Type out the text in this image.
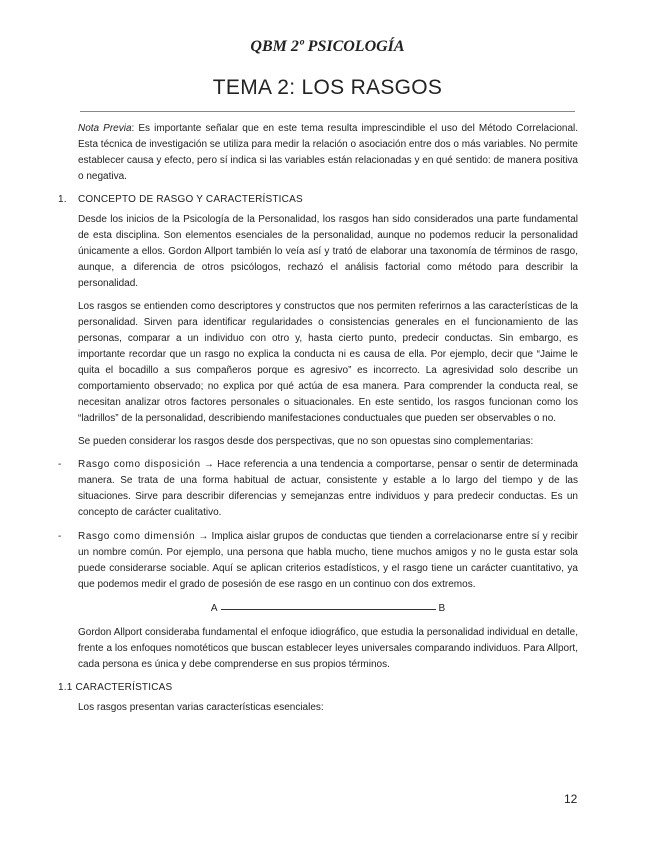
QBM 2º PSICOLOGÍA
TEMA 2: LOS RASGOS

Nota Previa: Es importante señalar que en este tema resulta imprescindible el uso del Método Correlacional. Esta técnica de investigación se utiliza para medir la relación o asociación entre dos o más variables. No permite establecer causa y efecto, pero sí indica si las variables están relacionadas y en qué sentido: de manera positiva o negativa.

1.	CONCEPTO DE RASGO Y CARACTERÍSTICAS

Desde los inicios de la Psicología de la Personalidad, los rasgos han sido considerados una parte fundamental de esta disciplina. Son elementos esenciales de la personalidad, aunque no podemos reducir la personalidad únicamente a ellos. Gordon Allport también lo veía así y trató de elaborar una taxonomía de términos de rasgo, aunque, a diferencia de otros psicólogos, rechazó el análisis factorial como método para describir la personalidad.

Los rasgos se entienden como descriptores y constructos que nos permiten referirnos a las características de la personalidad. Sirven para identificar regularidades o consistencias generales en el funcionamiento de las personas, comparar a un individuo con otro y, hasta cierto punto, predecir conductas. Sin embargo, es importante recordar que un rasgo no explica la conducta ni es causa de ella. Por ejemplo, decir que “Jaime le quita el bocadillo a sus compañeros porque es agresivo” es incorrecto. La agresividad solo describe un comportamiento observado; no explica por qué actúa de esa manera. Para comprender la conducta real, se necesitan analizar otros factores personales o situacionales. En este sentido, los rasgos funcionan como los “ladrillos” de la personalidad, describiendo manifestaciones conductuales que pueden ser observables o no.

Se pueden considerar los rasgos desde dos perspectivas, que no son opuestas sino complementarias:

-	Rasgo como disposición → Hace referencia a una tendencia a comportarse, pensar o sentir de determinada manera. Se trata de una forma habitual de actuar, consistente y estable a lo largo del tiempo y de las situaciones. Sirve para describir diferencias y semejanzas entre individuos y para predecir conductas. Es un concepto de carácter cualitativo.
-	Rasgo como dimensión → Implica aislar grupos de conductas que tienden a correlacionarse entre sí y recibir un nombre común. Por ejemplo, una persona que habla mucho, tiene muchos amigos y no le gusta estar sola puede considerarse sociable. Aquí se aplican criterios estadísticos, y el rasgo tiene un carácter cuantitativo, ya que podemos medir el grado de posesión de ese rasgo en un continuo con dos extremos.
A	B

Gordon Allport consideraba fundamental el enfoque idiográfico, que estudia la personalidad individual en detalle, frente a los enfoques nomotéticos que buscan establecer leyes universales comparando individuos. Para Allport, cada persona es única y debe comprenderse en sus propios términos.

1.1 CARACTERÍSTICAS

Los rasgos presentan varias características esenciales:

12
